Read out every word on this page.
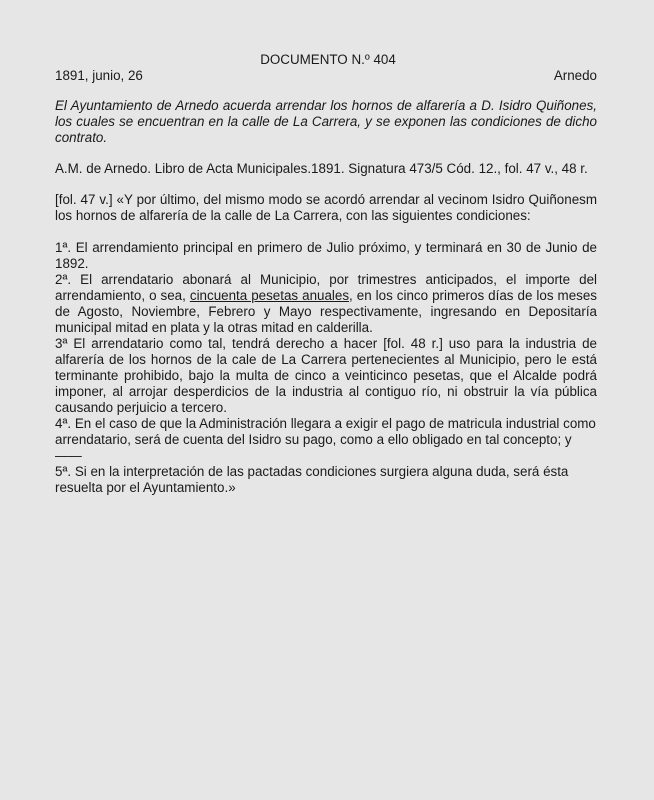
DOCUMENTO N.º 404
1891, junio, 26	Arnedo
El Ayuntamiento de Arnedo acuerda arrendar los hornos de alfarería a D. Isidro Quiñones, los cuales se encuentran en la calle de La Carrera, y se exponen las condiciones de dicho contrato.
A.M. de Arnedo. Libro de Acta Municipales.1891. Signatura 473/5 Cód. 12., fol. 47 v., 48 r.
[fol. 47 v.] «Y por último, del mismo modo se acordó arrendar al vecinom Isidro Quiñonesm los hornos de alfarería de la calle de La Carrera, con las siguientes condiciones:

1ª. El arrendamiento principal en primero de Julio próximo, y terminará en 30 de Junio de 1892.

2ª. El arrendatario abonará al Municipio, por trimestres anticipados, el importe del arrendamiento, o sea, cincuenta pesetas anuales, en los cinco primeros días de los meses de Agosto, Noviembre, Febrero y Mayo respectivamente, ingresando en Depositaría municipal mitad en plata y la otras mitad en calderilla.

3ª El arrendatario como tal, tendrá derecho a hacer [fol. 48 r.] uso para la industria de alfarería de los hornos de la cale de La Carrera pertenecientes al Municipio, pero le está terminante prohibido, bajo la multa de cinco a veinticinco pesetas, que el Alcalde podrá imponer, al arrojar desperdicios de la industria al contiguo río, ni obstruir la vía pública causando perjuicio a tercero.

4ª. En el caso de que la Administración llegara a exigir el pago de matricula industrial como arrendatario, será de cuenta del Isidro su pago, como a ello obligado en tal concepto; y——

5ª. Si en la interpretación de las pactadas condiciones surgiera alguna duda, será ésta resuelta por el Ayuntamiento.»
